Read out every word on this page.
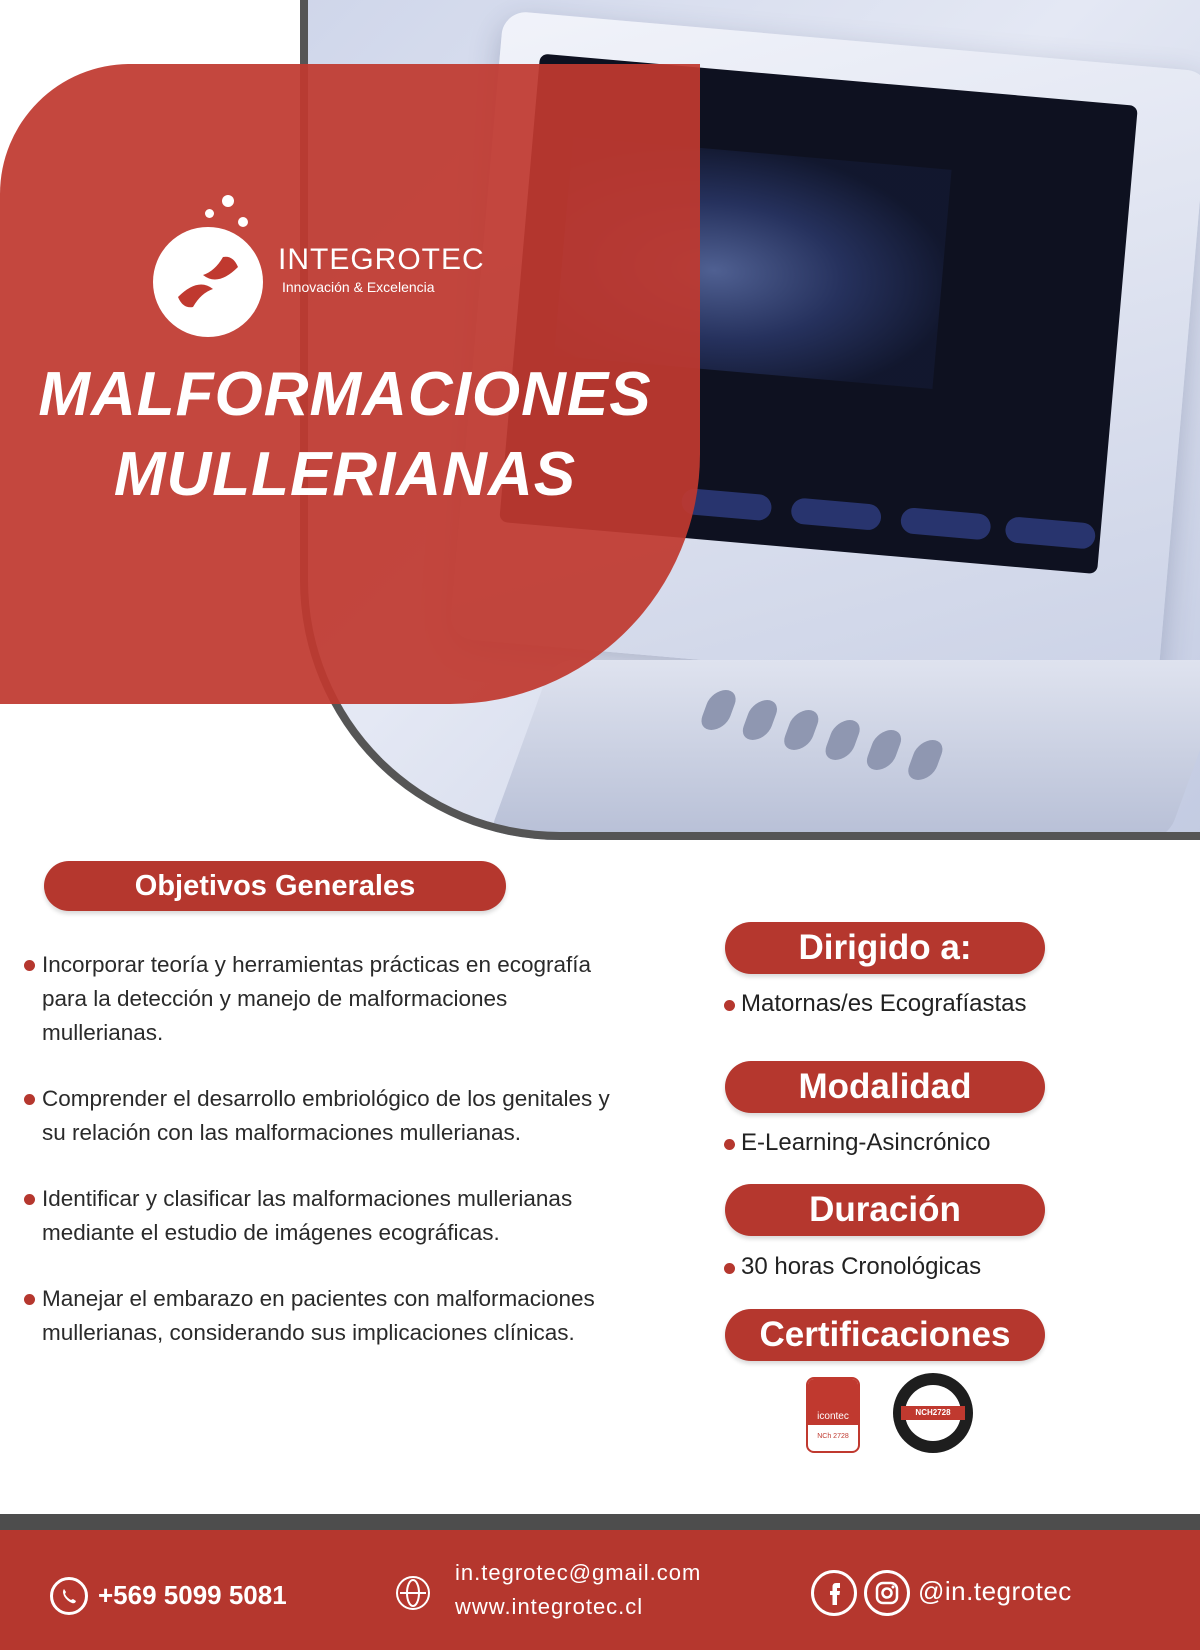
INTEGROTEC
Innovación & Excelencia
MALFORMACIONES
MULLERIANAS
Objetivos Generales
Incorporar teoría y herramientas prácticas en ecografía para la detección y manejo de malformaciones mullerianas.
Comprender el desarrollo embriológico de los genitales y su relación con las malformaciones mullerianas.
Identificar y clasificar las malformaciones mullerianas mediante el estudio de imágenes ecográficas.
Manejar el embarazo en pacientes con malformaciones mullerianas, considerando sus implicaciones clínicas.
Dirigido a:
Matornas/es Ecografíastas
Modalidad
E-Learning-Asincrónico
Duración
30 horas Cronológicas
Certificaciones
icontec
NCh 2728
NCH2728
+569 5099 5081
in.tegrotec@gmail.com
www.integrotec.cl
@in.tegrotec
